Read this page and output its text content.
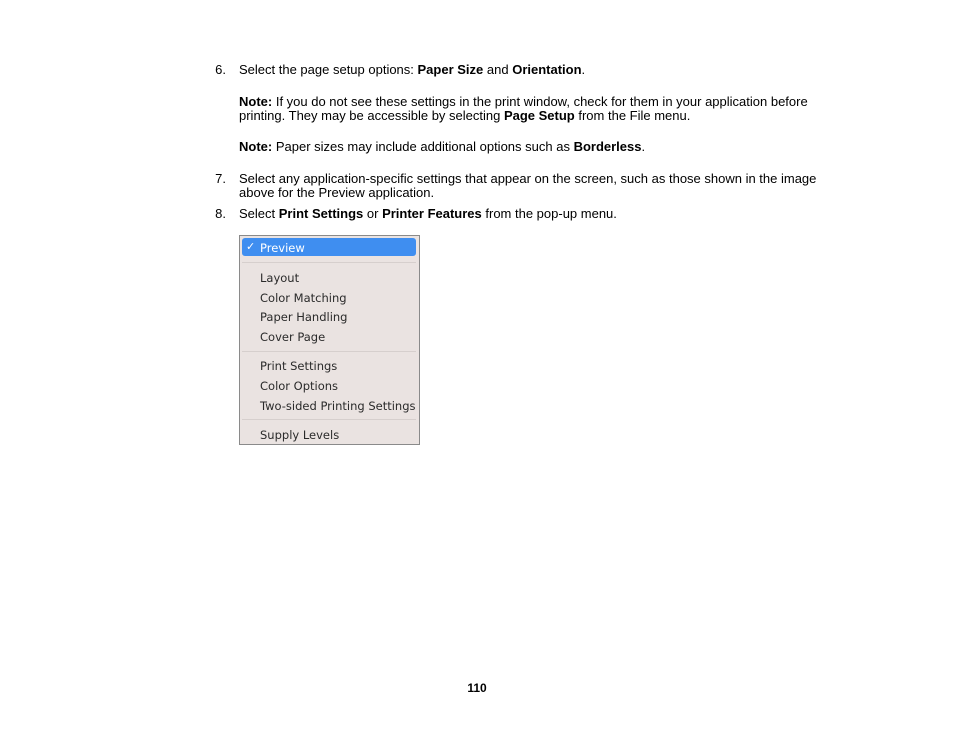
6. Select the page setup options: Paper Size and Orientation.
Note: If you do not see these settings in the print window, check for them in your application before
printing. They may be accessible by selecting Page Setup from the File menu.
Note: Paper sizes may include additional options such as Borderless.
7. Select any application-specific settings that appear on the screen, such as those shown in the image
above for the Preview application.
8. Select Print Settings or Printer Features from the pop-up menu.
✓ Preview
Layout
Color Matching
Paper Handling
Cover Page
Print Settings
Color Options
Two-sided Printing Settings
Supply Levels
110
